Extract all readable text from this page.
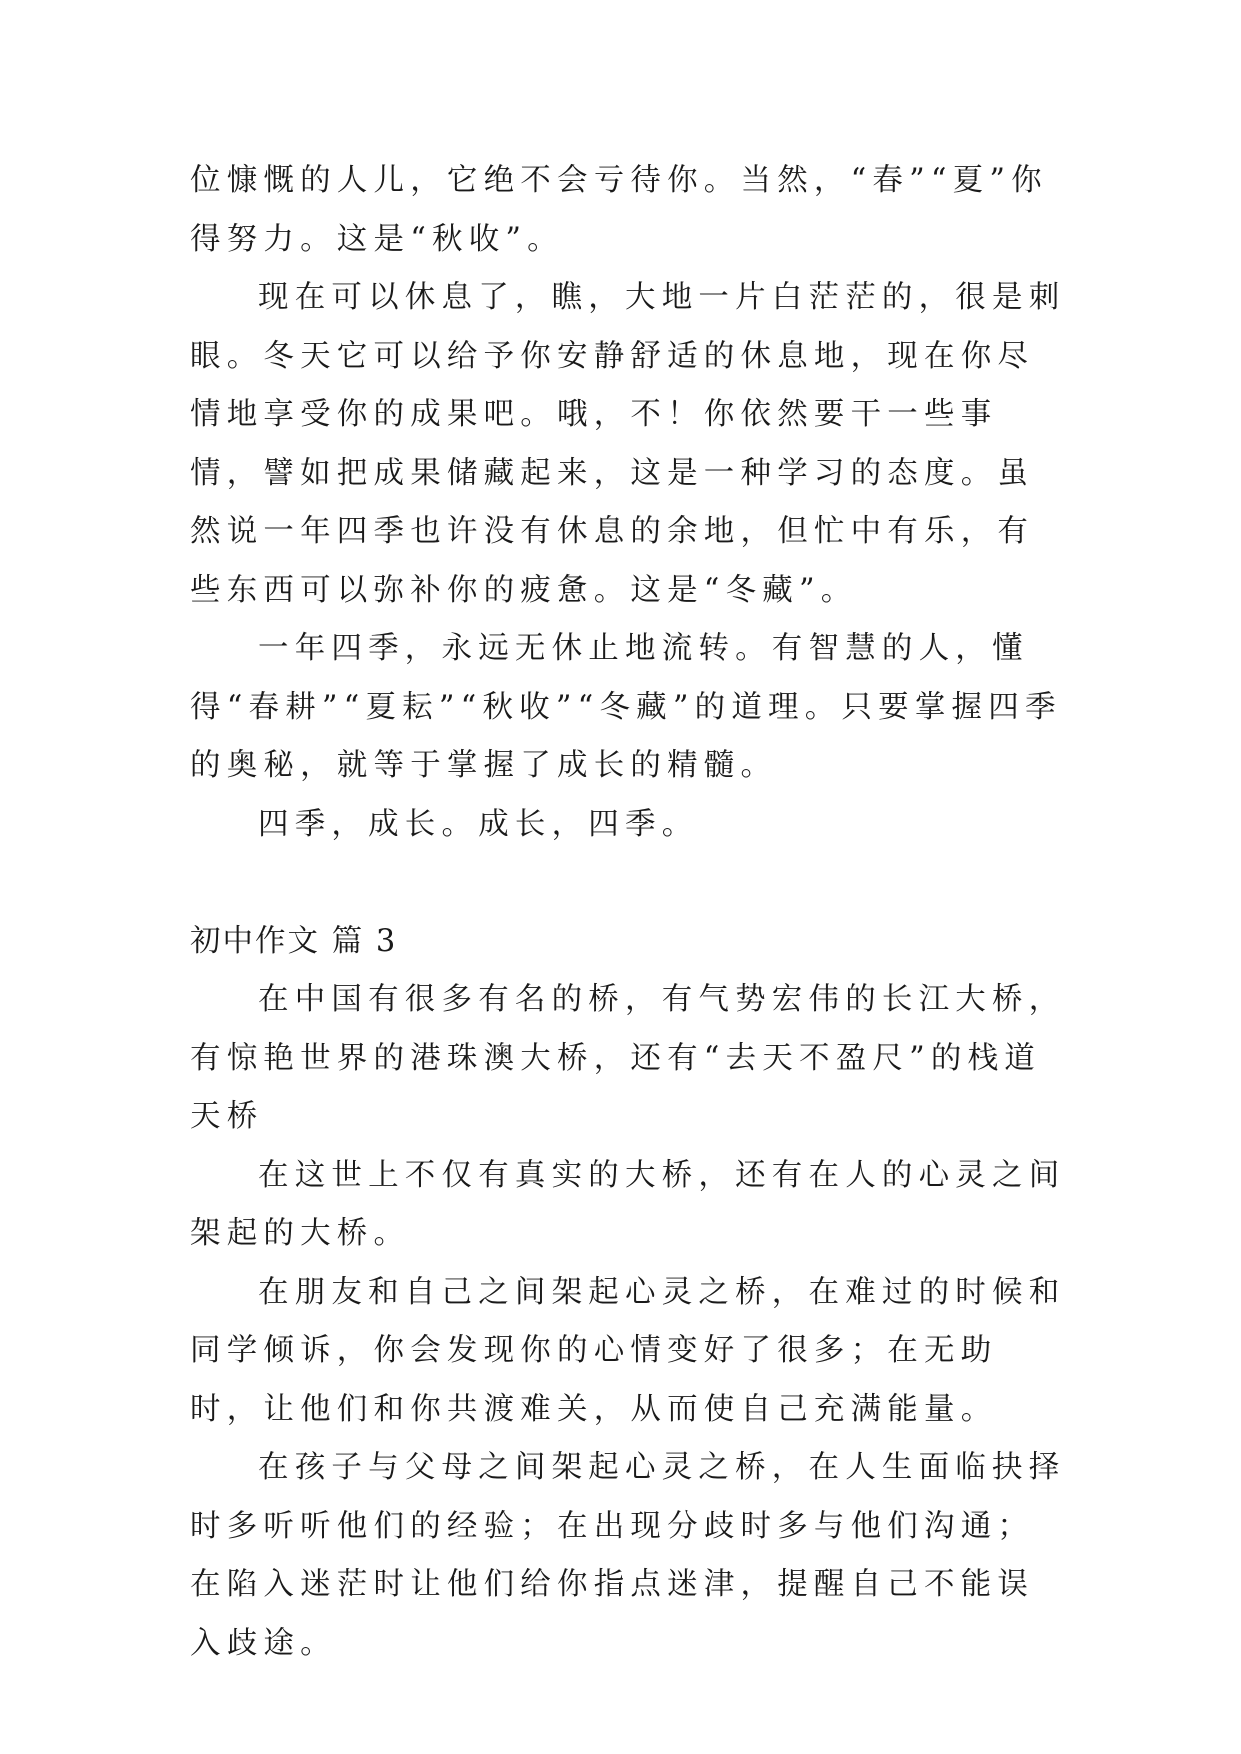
位慷慨的人儿，它绝不会亏待你。当然，“春”“夏”你得努力。这是“秋收”。

现在可以休息了，瞧，大地一片白茫茫的，很是刺眼。冬天它可以给予你安静舒适的休息地，现在你尽情地享受你的成果吧。哦，不！你依然要干一些事情，譬如把成果储藏起来，这是一种学习的态度。虽然说一年四季也许没有休息的余地，但忙中有乐，有些东西可以弥补你的疲惫。这是“冬藏”。

一年四季，永远无休止地流转。有智慧的人，懂得“春耕”“夏耘”“秋收”“冬藏”的道理。只要掌握四季的奥秘，就等于掌握了成长的精髓。

四季，成长。成长，四季。

初中作文 篇 3

在中国有很多有名的桥，有气势宏伟的长江大桥，有惊艳世界的港珠澳大桥，还有“去天不盈尺”的栈道天桥

在这世上不仅有真实的大桥，还有在人的心灵之间架起的大桥。

在朋友和自己之间架起心灵之桥，在难过的时候和同学倾诉，你会发现你的心情变好了很多；在无助时，让他们和你共渡难关，从而使自己充满能量。

在孩子与父母之间架起心灵之桥，在人生面临抉择时多听听他们的经验；在出现分歧时多与他们沟通；在陷入迷茫时让他们给你指点迷津，提醒自己不能误入歧途。
